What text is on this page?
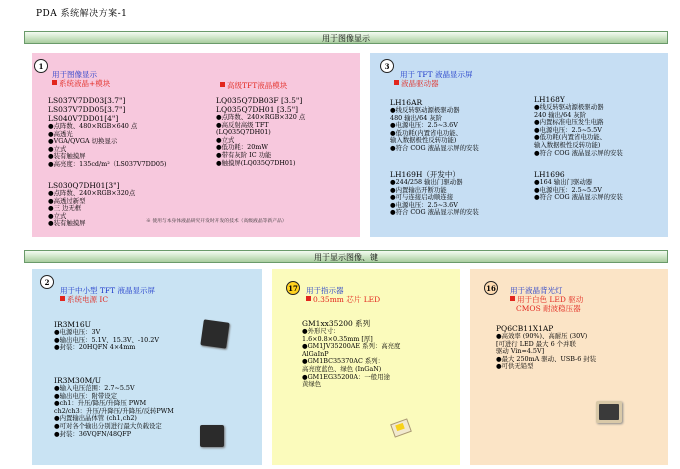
PDA 系统解决方案-1
用于图像显示
用于显示图像、键
1
用于图像显示
系统液晶+模块	高级TFT液晶模块
LS037V7DD03[3.7"]
LS037V7DD05[3.7"]
LS040V7DD01[4"]
●点阵数、480×RGB×640 点
●高透光
●VGA/QVGA 切换显示
●立式
●装有触摸屏
●高亮度：135cd/m²（LS037V7DD05)
LS030Q7DH01[3"]
●点阵数、240×RGB×320点
●高透过新型
●三 边无框
●立式
●装有触摸屏
LQ035Q7DB03F [3.5"]
LQ035Q7DH01 [3.5"]
●点阵数、240×RGB×320 点
●高反射高级 TFT
(LQ035Q7DH01)
●立式
●低功耗：20mW
●带有灰阶 IC 功能
●触摸屏(LQ035Q7DH01)
※ 使用与本身体液晶研究开发时开发的技术（高级液晶等新产品）
3
用于 TFT 液晶显示屏
液晶驱动器
LH16AR
●线反转驱动源极驱动器
480 输出/64 灰阶
●电源电压：2.5~3.6V
●低功耗(内置省电功能、
输入数据极性反转功能)
●符合 COG 液晶显示屏的安装
LH168Y
●线反转驱动源极驱动器
240 输出/64 灰阶
●内置标准电压发生电路
●电源电压：2.5~5.5V
●低功耗(内置省电功能、
输入数据极性反转功能)
●符合 COG 液晶显示屏的安装
LH169H（开发中）
●244/258 输出门驱动器
●内置输出开断功能
●可与连接启动顺连接
●电源电压：2.5~3.6V
●符合 COG 液晶显示屏的安装
LH1696
●164 输出门驱动器
●电源电压：2.5~5.5V
●符合 COG 液晶显示屏的安装
2
用于中小型 TFT 液晶显示屏
系统电源 IC
IR3M16U
●电源电压：3V
●输出电压：5.1V、15.3V、-10.2V
●封装：20HQFN 4×4mm
IR3M30M/U
●输入电压范围：2.7~5.5V
●输出电压：附带设定
●ch1：升压/降压/升降压 PWM
ch2/ch3：升压/升降压/升降压/反转PWM
●内置输出晶体管 (ch1,ch2)
●可对各个输出分别进行最大负载设定
●封装：36VQFN/48QFP
17 用于指示器
0.35mm 芯片 LED
GM1xx35200 系列
●外形尺寸：
1.6×0.8×0.35mm [厚]
●GM1JV35200AE 系列：高亮度
AlGaInP
●GM1BC35370AC 系列：
高亮度蓝色、绿色 (InGaN)
●GM1EG35200A：一般用途
黄绿色
16 用于液晶背光灯
用于白色 LED 驱动
CMOS 耐波稳压器
PQ6CB11X1AP
●高效率 (90%)、高耐压 (30V)
[可进行 LED 最大 6 个并联
驱动 Vin=4.5V]
●最大 250mA 驱动、USB-6 封装
●可供无铅型
